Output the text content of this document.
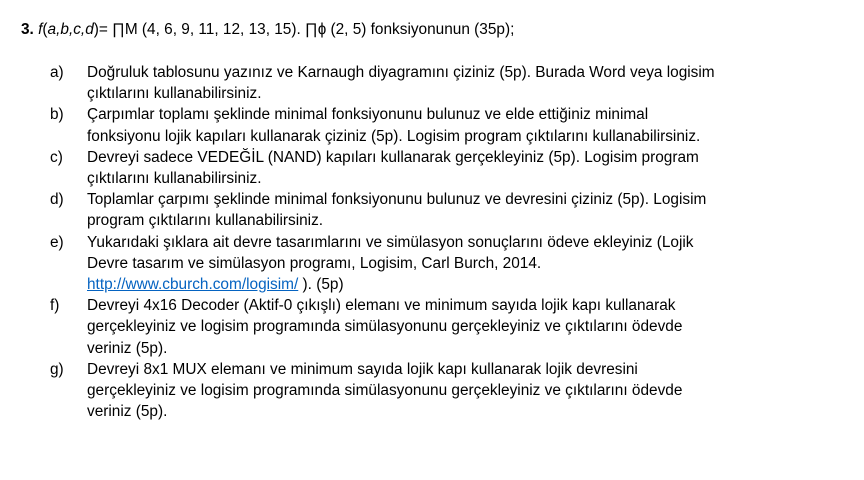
3. f(a,b,c,d)= ∏M (4, 6, 9, 11, 12, 13, 15). ∏ɸ (2, 5) fonksiyonunun (35p);
a) Doğruluk tablosunu yazınız ve Karnaugh diyagramını çiziniz (5p). Burada Word veya logisim
çıktılarını kullanabilirsiniz.
b) Çarpımlar toplamı şeklinde minimal fonksiyonunu bulunuz ve elde ettiğiniz minimal
fonksiyonu lojik kapıları kullanarak çiziniz (5p). Logisim program çıktılarını kullanabilirsiniz.
c) Devreyi sadece VEDEĞİL (NAND) kapıları kullanarak gerçekleyiniz (5p). Logisim program
çıktılarını kullanabilirsiniz.
d) Toplamlar çarpımı şeklinde minimal fonksiyonunu bulunuz ve devresini çiziniz (5p). Logisim
program çıktılarını kullanabilirsiniz.
e) Yukarıdaki şıklara ait devre tasarımlarını ve simülasyon sonuçlarını ödeve ekleyiniz (Lojik
Devre tasarım ve simülasyon programı, Logisim, Carl Burch, 2014.
http://www.cburch.com/logisim/ ). (5p)
f) Devreyi 4x16 Decoder (Aktif-0 çıkışlı) elemanı ve minimum sayıda lojik kapı kullanarak
gerçekleyiniz ve logisim programında simülasyonunu gerçekleyiniz ve çıktılarını ödevde
veriniz (5p).
g) Devreyi 8x1 MUX elemanı ve minimum sayıda lojik kapı kullanarak lojik devresini
gerçekleyiniz ve logisim programında simülasyonunu gerçekleyiniz ve çıktılarını ödevde
veriniz (5p).
